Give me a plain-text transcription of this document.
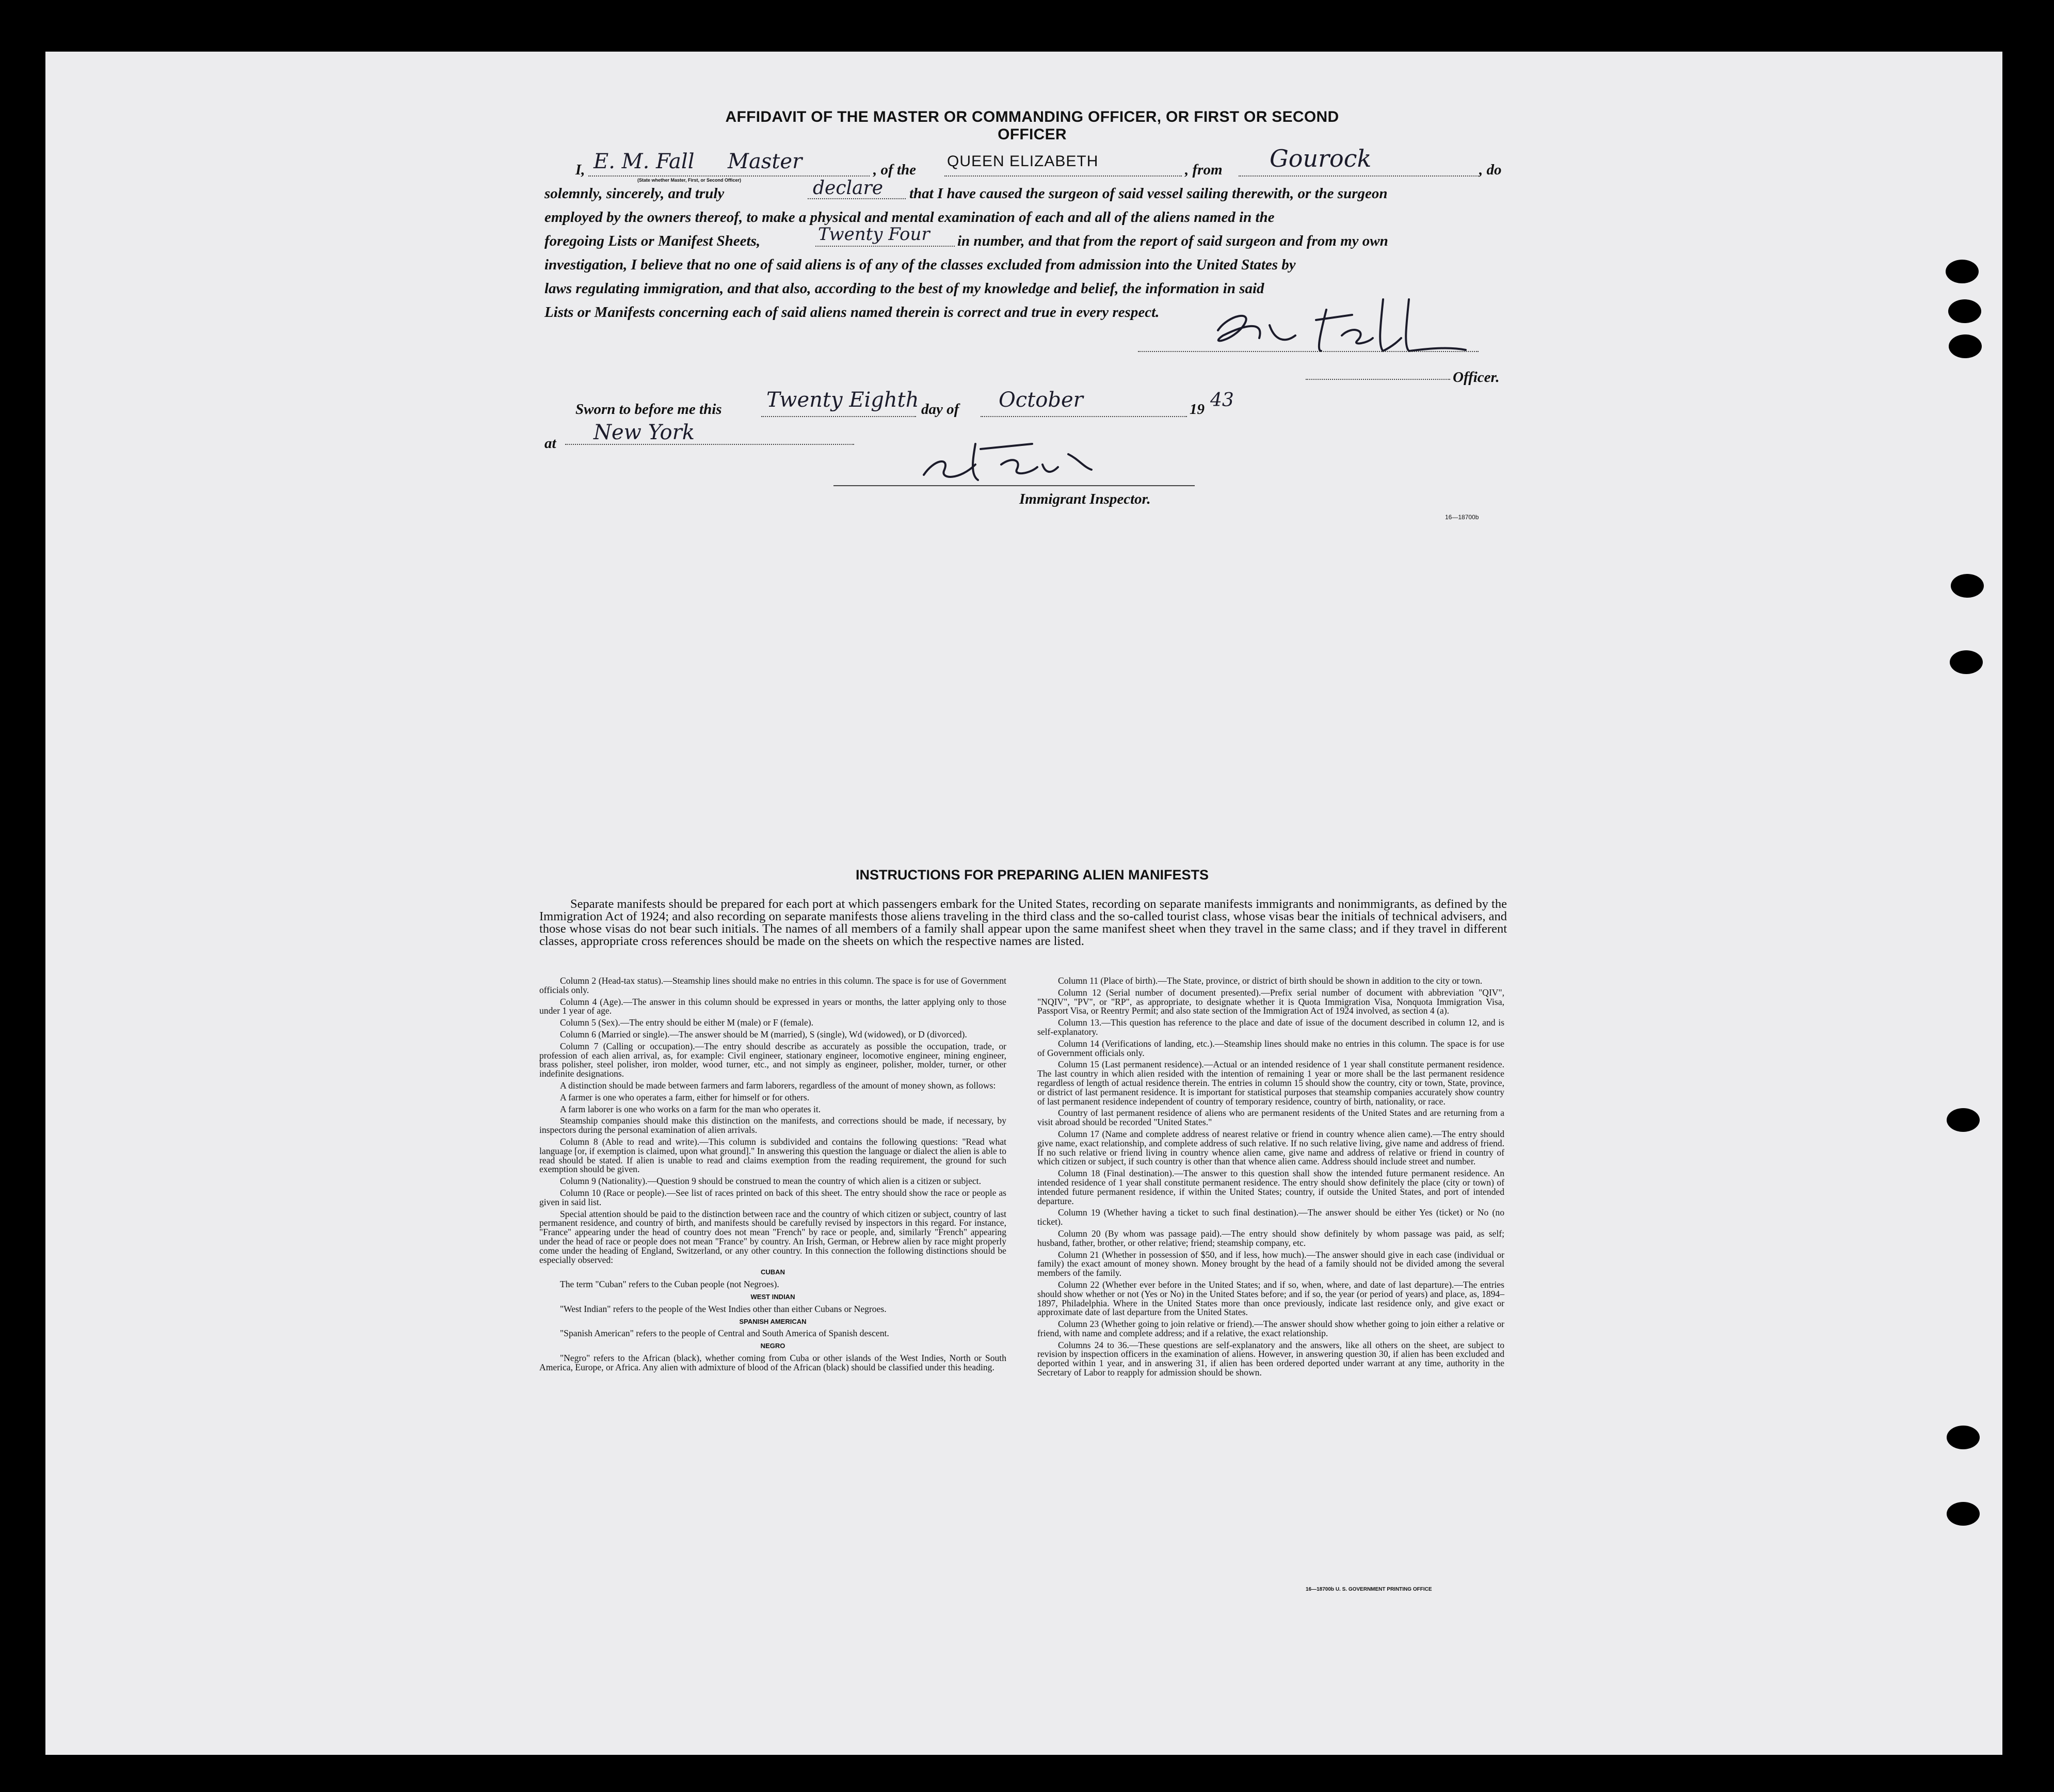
AFFIDAVIT OF THE MASTER OR COMMANDING OFFICER, OR FIRST OR SECOND OFFICER
I, E. M. Fall Master
(State whether Master, First, or Second Officer)
, of the QUEEN ELIZABETH	, from Gourock	, do
solemnly, sincerely, and truly	declare that I have caused the surgeon of said vessel sailing therewith, or the surgeon
employed by the owners thereof, to make a physical and mental examination of each and all of the aliens named in the
foregoing Lists or Manifest Sheets,	Twenty Four in number, and that from the report of said surgeon and from my own
investigation, I believe that no one of said aliens is of any of the classes excluded from admission into the United States by
laws regulating immigration, and that also, according to the best of my knowledge and belief, the information in said
Lists or Manifests concerning each of said aliens named therein is correct and true in every respect.
Officer.
Sworn to before me this Twenty Eighth day of October	19 43
at New York
Immigrant Inspector.
16—18700b
INSTRUCTIONS FOR PREPARING ALIEN MANIFESTS
Separate manifests should be prepared for each port at which passengers embark for the United States, recording on separate manifests immigrants and nonimmigrants, as defined by the Immigration Act of 1924; and also recording on separate manifests those aliens traveling in the third class and the so-called tourist class, whose visas bear the initials of technical advisers, and those whose visas do not bear such initials. The names of all members of a family shall appear upon the same manifest sheet when they travel in the same class; and if they travel in different classes, appropriate cross references should be made on the sheets on which the respective names are listed.

Column 2 (Head-tax status).—Steamship lines should make no entries in this column. The space is for use of Government officials only.

Column 4 (Age).—The answer in this column should be expressed in years or months, the latter applying only to those under 1 year of age.

Column 5 (Sex).—The entry should be either M (male) or F (female).

Column 6 (Married or single).—The answer should be M (married), S (single), Wd (widowed), or D (divorced).

Column 7 (Calling or occupation).—The entry should describe as accurately as possible the occupation, trade, or profession of each alien arrival, as, for example: Civil engineer, stationary engineer, locomotive engineer, mining engineer, brass polisher, steel polisher, iron molder, wood turner, etc., and not simply as engineer, polisher, molder, turner, or other indefinite designations.

A distinction should be made between farmers and farm laborers, regardless of the amount of money shown, as follows:

A farmer is one who operates a farm, either for himself or for others.

A farm laborer is one who works on a farm for the man who operates it.

Steamship companies should make this distinction on the manifests, and corrections should be made, if necessary, by inspectors during the personal examination of alien arrivals.

Column 8 (Able to read and write).—This column is subdivided and contains the following questions: "Read what language [or, if exemption is claimed, upon what ground]." In answering this question the language or dialect the alien is able to read should be stated. If alien is unable to read and claims exemption from the reading requirement, the ground for such exemption should be given.

Column 9 (Nationality).—Question 9 should be construed to mean the country of which alien is a citizen or subject.

Column 10 (Race or people).—See list of races printed on back of this sheet. The entry should show the race or people as given in said list.

Special attention should be paid to the distinction between race and the country of which citizen or subject, country of last permanent residence, and country of birth, and manifests should be carefully revised by inspectors in this regard. For instance, "France" appearing under the head of country does not mean "French" by race or people, and, similarly "French" appearing under the head of race or people does not mean "France" by country. An Irish, German, or Hebrew alien by race might properly come under the heading of England, Switzerland, or any other country. In this connection the following distinctions should be especially observed:

CUBAN

The term "Cuban" refers to the Cuban people (not Negroes).

WEST INDIAN

"West Indian" refers to the people of the West Indies other than either Cubans or Negroes.

SPANISH AMERICAN

"Spanish American" refers to the people of Central and South America of Spanish descent.

NEGRO

"Negro" refers to the African (black), whether coming from Cuba or other islands of the West Indies, North or South America, Europe, or Africa. Any alien with admixture of blood of the African (black) should be classified under this heading.

Column 11 (Place of birth).—The State, province, or district of birth should be shown in addition to the city or town.

Column 12 (Serial number of document presented).—Prefix serial number of document with abbreviation "QIV", "NQIV", "PV", or "RP", as appropriate, to designate whether it is Quota Immigration Visa, Nonquota Immigration Visa, Passport Visa, or Reentry Permit; and also state section of the Immigration Act of 1924 involved, as section 4 (a).

Column 13.—This question has reference to the place and date of issue of the document described in column 12, and is self-explanatory.

Column 14 (Verifications of landing, etc.).—Steamship lines should make no entries in this column. The space is for use of Government officials only.

Column 15 (Last permanent residence).—Actual or an intended residence of 1 year shall constitute permanent residence. The last country in which alien resided with the intention of remaining 1 year or more shall be the last permanent residence regardless of length of actual residence therein. The entries in column 15 should show the country, city or town, State, province, or district of last permanent residence. It is important for statistical purposes that steamship companies accurately show country of last permanent residence independent of country of temporary residence, country of birth, nationality, or race.

Country of last permanent residence of aliens who are permanent residents of the United States and are returning from a visit abroad should be recorded "United States."

Column 17 (Name and complete address of nearest relative or friend in country whence alien came).—The entry should give name, exact relationship, and complete address of such relative. If no such relative living, give name and address of friend. If no such relative or friend living in country whence alien came, give name and address of relative or friend in country of which citizen or subject, if such country is other than that whence alien came. Address should include street and number.

Column 18 (Final destination).—The answer to this question shall show the intended future permanent residence. An intended residence of 1 year shall constitute permanent residence. The entry should show definitely the place (city or town) of intended future permanent residence, if within the United States; country, if outside the United States, and port of intended departure.

Column 19 (Whether having a ticket to such final destination).—The answer should be either Yes (ticket) or No (no ticket).

Column 20 (By whom was passage paid).—The entry should show definitely by whom passage was paid, as self; husband, father, brother, or other relative; friend; steamship company, etc.

Column 21 (Whether in possession of $50, and if less, how much).—The answer should give in each case (individual or family) the exact amount of money shown. Money brought by the head of a family should not be divided among the several members of the family.

Column 22 (Whether ever before in the United States; and if so, when, where, and date of last departure).—The entries should show whether or not (Yes or No) in the United States before; and if so, the year (or period of years) and place, as, 1894–1897, Philadelphia. Where in the United States more than once previously, indicate last residence only, and give exact or approximate date of last departure from the United States.

Column 23 (Whether going to join relative or friend).—The answer should show whether going to join either a relative or friend, with name and complete address; and if a relative, the exact relationship.

Columns 24 to 36.—These questions are self-explanatory and the answers, like all others on the sheet, are subject to revision by inspection officers in the examination of aliens. However, in answering question 30, if alien has been excluded and deported within 1 year, and in answering 31, if alien has been ordered deported under warrant at any time, authority in the Secretary of Labor to reapply for admission should be shown.

16—18700b U. S. GOVERNMENT PRINTING OFFICE
